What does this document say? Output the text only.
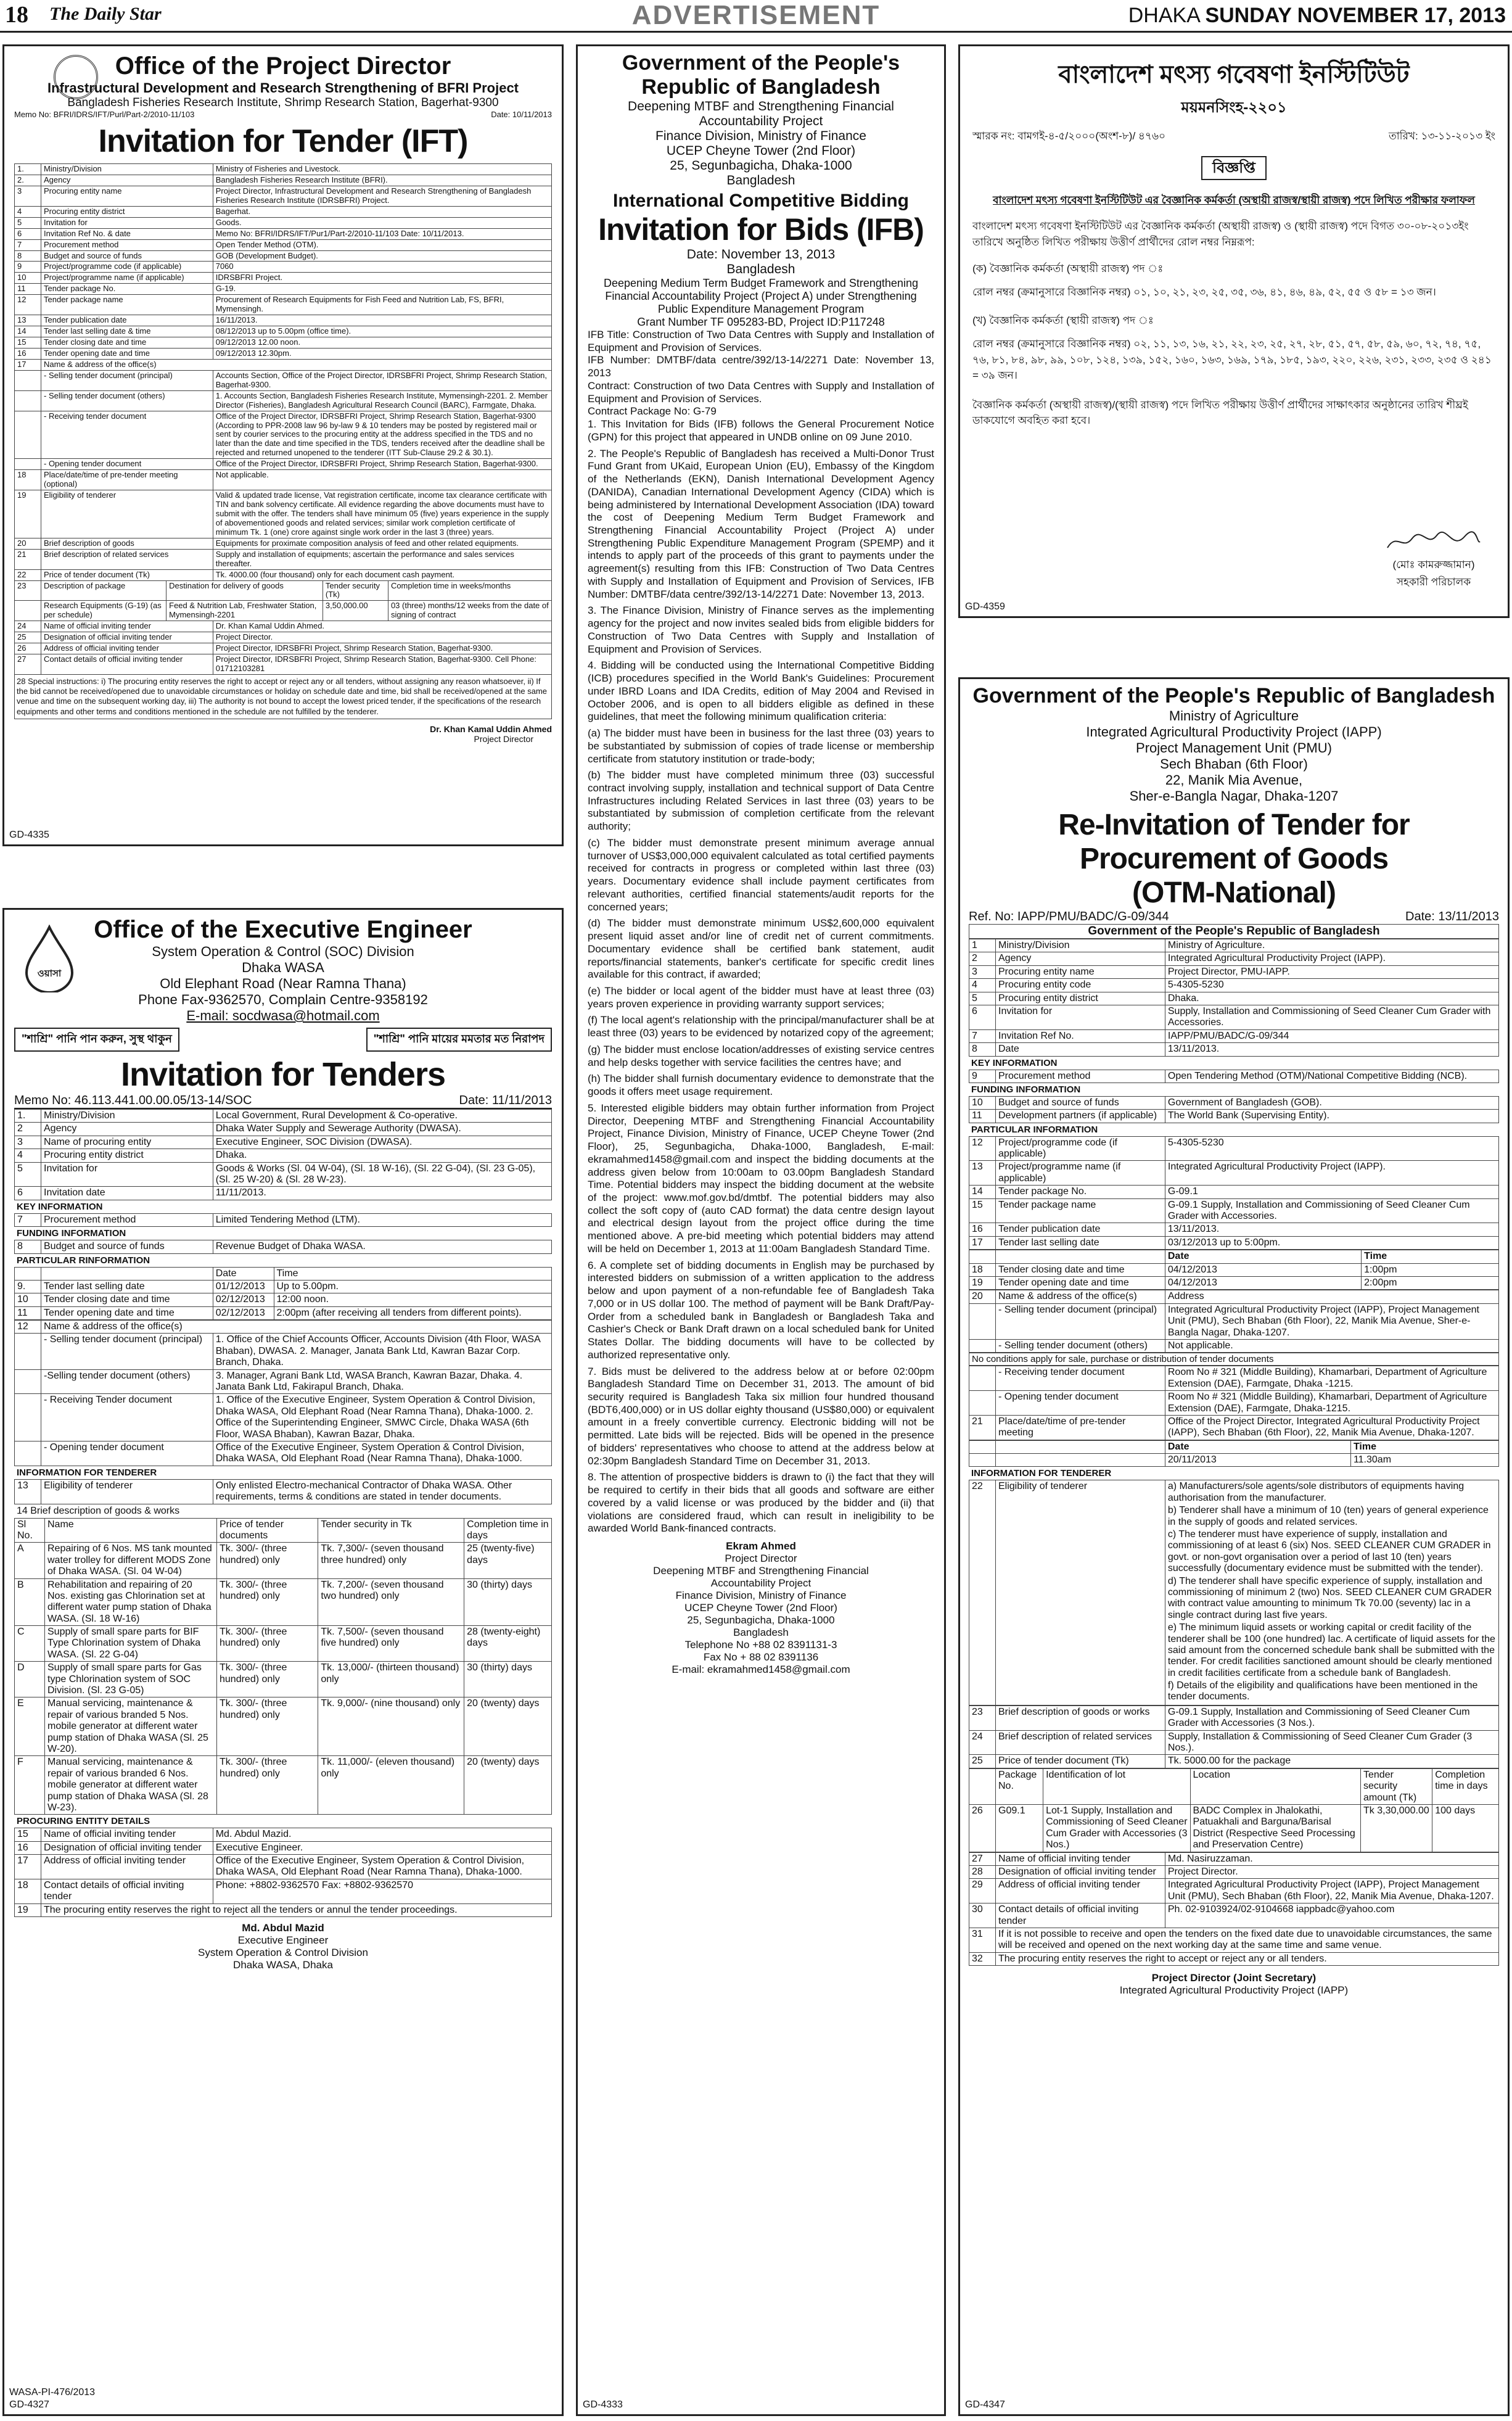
18 The Daily Star	ADVERTISEMENT	DHAKA SUNDAY NOVEMBER 17, 2013
Office of the Project Director
Infrastructural Development and Research Strengthening of BFRI Project
Bangladesh Fisheries Research Institute, Shrimp Research Station, Bagerhat-9300
Memo No: BFRI/IDRS/IFT/Purl/Part-2/2010-11/103	Date: 10/11/2013
Invitation for Tender (IFT)
1.	Ministry/Division	Ministry of Fisheries and Livestock.
2.	Agency	Bangladesh Fisheries Research Institute (BFRI).
3	Procuring entity name	Project Director, Infrastructural Development and Research Strengthening of Bangladesh Fisheries Research Institute (IDRSBFRI) Project.
4	Procuring entity district	Bagerhat.
5	Invitation for	Goods.
6	Invitation Ref No. & date	Memo No: BFRI/IDRS/IFT/Pur1/Part-2/2010-11/103 Date: 10/11/2013.
7	Procurement method	Open Tender Method (OTM).
8	Budget and source of funds	GOB (Development Budget).
9	Project/programme code (if applicable)	7060
10	Project/programme name (if applicable)	IDRSBFRI Project.
11	Tender package No.	G-19.
12	Tender package name	Procurement of Research Equipments for Fish Feed and Nutrition Lab, FS, BFRI, Mymensingh.
13	Tender publication date	16/11/2013.
14	Tender last selling date & time	08/12/2013 up to 5.00pm (office time).
15	Tender closing date and time	09/12/2013 12.00 noon.
16	Tender opening date and time	09/12/2013 12.30pm.
17	Name & address of the office(s)	
	- Selling tender document (principal)	Accounts Section, Office of the Project Director, IDRSBFRI Project, Shrimp Research Station, Bagerhat-9300.
	- Selling tender document (others)	1. Accounts Section, Bangladesh Fisheries Research Institute, Mymensingh-2201. 2. Member Director (Fisheries), Bangladesh Agricultural Research Council (BARC), Farmgate, Dhaka.
	- Receiving tender document	Office of the Project Director, IDRSBFRI Project, Shrimp Research Station, Bagerhat-9300 (According to PPR-2008 law 96 by-law 9 & 10 tenders may be posted by registered mail or sent by courier services to the procuring entity at the address specified in the TDS and no later than the date and time specified in the TDS, tenders received after the deadline shall be rejected and returned unopened to the tenderer (ITT Sub-Clause 29.2 & 30.1).
	- Opening tender document	Office of the Project Director, IDRSBFRI Project, Shrimp Research Station, Bagerhat-9300.
18	Place/date/time of pre-tender meeting (optional)	Not applicable.
19	Eligibility of tenderer	Valid & updated trade license, Vat registration certificate, income tax clearance certificate with TIN and bank solvency certificate. All evidence regarding the above documents must have to submit with the offer. The tenders shall have minimum 05 (five) years experience in the supply of abovementioned goods and related services; similar work completion certificate of minimum Tk. 1 (one) crore against single work order in the last 3 (three) years.
20	Brief description of goods	Equipments for proximate composition analysis of feed and other related equipments.
21	Brief description of related services	Supply and installation of equipments; ascertain the performance and sales services thereafter.
22	Price of tender document (Tk)	Tk. 4000.00 (four thousand) only for each document cash payment.
23	Description of package	Destination for delivery of goods	Tender security (Tk)	Completion time in weeks/months
	Research Equipments (G-19) (as per schedule)	Feed & Nutrition Lab, Freshwater Station, Mymensingh-2201	3,50,000.00	03 (three) months/12 weeks from the date of signing of contract
24	Name of official inviting tender	Dr. Khan Kamal Uddin Ahmed.
25	Designation of official inviting tender	Project Director.
26	Address of official inviting tender	Project Director, IDRSBFRI Project, Shrimp Research Station, Bagerhat-9300.
27	Contact details of official inviting tender	Project Director, IDRSBFRI Project, Shrimp Research Station, Bagerhat-9300. Cell Phone: 01712103281
28 Special instructions: i) The procuring entity reserves the right to accept or reject any or all tenders, without assigning any reason whatsoever, ii) If the bid cannot be received/opened due to unavoidable circumstances or holiday on schedule date and time, bid shall be received/opened at the same venue and time on the subsequent working day, iii) The authority is not bound to accept the lowest priced tender, if the specifications of the research equipments and other terms and conditions mentioned in the schedule are not fulfilled by the tenderer.
Dr. Khan Kamal Uddin Ahmed
Project Director
GD-4335
ওয়াসা
Office of the Executive Engineer
System Operation & Control (SOC) Division
Dhaka WASA
Old Elephant Road (Near Ramna Thana)
Phone Fax-9362570, Complain Centre-9358192
E-mail: socdwasa@hotmail.com
"শাশ্রি" পানি পান করুন, সুস্থ থাকুন	"শাশ্রি" পানি মায়ের মমতার মত নিরাপদ
Invitation for Tenders
Memo No: 46.113.441.00.00.05/13-14/SOC	Date: 11/11/2013
1.	Ministry/Division	Local Government, Rural Development & Co-operative.
2	Agency	Dhaka Water Supply and Sewerage Authority (DWASA).
3	Name of procuring entity	Executive Engineer, SOC Division (DWASA).
4	Procuring entity district	Dhaka.
5	Invitation for	Goods & Works (Sl. 04 W-04), (Sl. 18 W-16), (Sl. 22 G-04), (Sl. 23 G-05), (Sl. 25 W-20) & (Sl. 28 W-23).
6	Invitation date	11/11/2013.
KEY INFORMATION
7	Procurement method	Limited Tendering Method (LTM).
FUNDING INFORMATION
8	Budget and source of funds	Revenue Budget of Dhaka WASA.
PARTICULAR RINFORMATION
		Date	Time
9.	Tender last selling date	01/12/2013	Up to 5.00pm.
10	Tender closing date and time	02/12/2013	12:00 noon.
11	Tender opening date and time	02/12/2013	2:00pm (after receiving all tenders from different points).
12	Name & address of the office(s)	
	- Selling tender document (principal)	1. Office of the Chief Accounts Officer, Accounts Division (4th Floor, WASA Bhaban), DWASA. 2. Manager, Janata Bank Ltd, Kawran Bazar Corp. Branch, Dhaka.
	-Selling tender document (others)	3. Manager, Agrani Bank Ltd, WASA Branch, Kawran Bazar, Dhaka. 4. Janata Bank Ltd, Fakirapul Branch, Dhaka.
	- Receiving Tender document	1. Office of the Executive Engineer, System Operation & Control Division, Dhaka WASA, Old Elephant Road (Near Ramna Thana), Dhaka-1000. 2. Office of the Superintending Engineer, SMWC Circle, Dhaka WASA (6th Floor, WASA Bhaban), Kawran Bazar, Dhaka.
	- Opening tender document	Office of the Executive Engineer, System Operation & Control Division, Dhaka WASA, Old Elephant Road (Near Ramna Thana), Dhaka-1000.
INFORMATION FOR TENDERER
13	Eligibility of tenderer	Only enlisted Electro-mechanical Contractor of Dhaka WASA. Other requirements, terms & conditions are stated in tender documents.
14 Brief description of goods & works
Sl No.	Name	Price of tender documents	Tender security in Tk	Completion time in days
A	Repairing of 6 Nos. MS tank mounted water trolley for different MODS Zone of Dhaka WASA. (Sl. 04 W-04)	Tk. 300/- (three hundred) only	Tk. 7,300/- (seven thousand three hundred) only	25 (twenty-five) days
B	Rehabilitation and repairing of 20 Nos. existing gas Chlorination set at different water pump station of Dhaka WASA. (Sl. 18 W-16)	Tk. 300/- (three hundred) only	Tk. 7,200/- (seven thousand two hundred) only	30 (thirty) days
C	Supply of small spare parts for BIF Type Chlorination system of Dhaka WASA. (Sl. 22 G-04)	Tk. 300/- (three hundred) only	Tk. 7,500/- (seven thousand five hundred) only	28 (twenty-eight) days
D	Supply of small spare parts for Gas type Chlorination system of SOC Division. (Sl. 23 G-05)	Tk. 300/- (three hundred) only	Tk. 13,000/- (thirteen thousand) only	30 (thirty) days
E	Manual servicing, maintenance & repair of various branded 5 Nos. mobile generator at different water pump station of Dhaka WASA (Sl. 25 W-20).	Tk. 300/- (three hundred) only	Tk. 9,000/- (nine thousand) only	20 (twenty) days
F	Manual servicing, maintenance & repair of various branded 6 Nos. mobile generator at different water pump station of Dhaka WASA (Sl. 28 W-23).	Tk. 300/- (three hundred) only	Tk. 11,000/- (eleven thousand) only	20 (twenty) days
PROCURING ENTITY DETAILS
15	Name of official inviting tender	Md. Abdul Mazid.
16	Designation of official inviting tender	Executive Engineer.
17	Address of official inviting tender	Office of the Executive Engineer, System Operation & Control Division, Dhaka WASA, Old Elephant Road (Near Ramna Thana), Dhaka-1000.
18	Contact details of official inviting tender	Phone: +8802-9362570 Fax: +8802-9362570
19	The procuring entity reserves the right to reject all the tenders or annul the tender proceedings.	
Md. Abdul Mazid
Executive Engineer
System Operation & Control Division
Dhaka WASA, Dhaka
WASA-PI-476/2013
GD-4327
Government of the People's
Republic of Bangladesh
Deepening MTBF and Strengthening Financial
Accountability Project
Finance Division, Ministry of Finance
UCEP Cheyne Tower (2nd Floor)
25, Segunbagicha, Dhaka-1000
Bangladesh
International Competitive Bidding
Invitation for Bids (IFB)
Date: November 13, 2013
Bangladesh
Deepening Medium Term Budget Framework and Strengthening
Financial Accountability Project (Project A) under Strengthening
Public Expenditure Management Program
Grant Number TF 095283-BD, Project ID:P117248
IFB Title: Construction of Two Data Centres with Supply and Installation of Equipment and Provision of Services.
IFB Number: DMTBF/data centre/392/13-14/2271 Date: November 13, 2013
Contract: Construction of two Data Centres with Supply and Installation of Equipment and Provision of Services.
Contract Package No: G-79
1. This Invitation for Bids (IFB) follows the General Procurement Notice (GPN) for this project that appeared in UNDB online on 09 June 2010.
2. The People's Republic of Bangladesh has received a Multi-Donor Trust Fund Grant from UKaid, European Union (EU), Embassy of the Kingdom of the Netherlands (EKN), Danish International Development Agency (DANIDA), Canadian International Development Agency (CIDA) which is being administered by International Development Association (IDA) toward the cost of Deepening Medium Term Budget Framework and Strengthening Financial Accountability Project (Project A) under Strengthening Public Expenditure Management Program (SPEMP) and it intends to apply part of the proceeds of this grant to payments under the agreement(s) resulting from this IFB: Construction of Two Data Centres with Supply and Installation of Equipment and Provision of Services, IFB Number: DMTBF/data centre/392/13-14/2271 Date: November 13, 2013.
3. The Finance Division, Ministry of Finance serves as the implementing agency for the project and now invites sealed bids from eligible bidders for Construction of Two Data Centres with Supply and Installation of Equipment and Provision of Services.
4. Bidding will be conducted using the International Competitive Bidding (ICB) procedures specified in the World Bank's Guidelines: Procurement under IBRD Loans and IDA Credits, edition of May 2004 and Revised in October 2006, and is open to all bidders eligible as defined in these guidelines, that meet the following minimum qualification criteria:
(a) The bidder must have been in business for the last three (03) years to be substantiated by submission of copies of trade license or membership certificate from statutory institution or trade-body;
(b) The bidder must have completed minimum three (03) successful contract involving supply, installation and technical support of Data Centre Infrastructures including Related Services in last three (03) years to be substantiated by submission of completion certificate from the relevant authority;
(c) The bidder must demonstrate present minimum average annual turnover of US$3,000,000 equivalent calculated as total certified payments received for contracts in progress or completed within last three (03) years. Documentary evidence shall include payment certificates from relevant authorities, certified financial statements/audit reports for the concerned years;
(d) The bidder must demonstrate minimum US$2,600,000 equivalent present liquid asset and/or line of credit net of current commitments. Documentary evidence shall be certified bank statement, audit reports/financial statements, banker's certificate for specific credit lines available for this contract, if awarded;
(e) The bidder or local agent of the bidder must have at least three (03) years proven experience in providing warranty support services;
(f) The local agent's relationship with the principal/manufacturer shall be at least three (03) years to be evidenced by notarized copy of the agreement;
(g) The bidder must enclose location/addresses of existing service centres and help desks together with service facilities the centres have; and
(h) The bidder shall furnish documentary evidence to demonstrate that the goods it offers meet usage requirement.
5. Interested eligible bidders may obtain further information from Project Director, Deepening MTBF and Strengthening Financial Accountability Project, Finance Division, Ministry of Finance, UCEP Cheyne Tower (2nd Floor), 25, Segunbagicha, Dhaka-1000, Bangladesh, E-mail: ekramahmed1458@gmail.com and inspect the bidding documents at the address given below from 10:00am to 03.00pm Bangladesh Standard Time. Potential bidders may inspect the bidding document at the website of the project: www.mof.gov.bd/dmtbf. The potential bidders may also collect the soft copy of (auto CAD format) the data centre design layout and electrical design layout from the project office during the time mentioned above. A pre-bid meeting which potential bidders may attend will be held on December 1, 2013 at 11:00am Bangladesh Standard Time.
6. A complete set of bidding documents in English may be purchased by interested bidders on submission of a written application to the address below and upon payment of a non-refundable fee of Bangladesh Taka 7,000 or in US dollar 100. The method of payment will be Bank Draft/Pay-Order from a scheduled bank in Bangladesh or Bangladesh Taka and Cashier's Check or Bank Draft drawn on a local scheduled bank for United States Dollar. The bidding documents will have to be collected by authorized representative only.
7. Bids must be delivered to the address below at or before 02:00pm Bangladesh Standard Time on December 31, 2013. The amount of bid security required is Bangladesh Taka six million four hundred thousand (BDT6,400,000) or in US dollar eighty thousand (US$80,000) or equivalent amount in a freely convertible currency. Electronic bidding will not be permitted. Late bids will be rejected. Bids will be opened in the presence of bidders' representatives who choose to attend at the address below at 02:30pm Bangladesh Standard Time on December 31, 2013.
8. The attention of prospective bidders is drawn to (i) the fact that they will be required to certify in their bids that all goods and software are either covered by a valid license or was produced by the bidder and (ii) that violations are considered fraud, which can result in ineligibility to be awarded World Bank-financed contracts.
Ekram Ahmed
Project Director
Deepening MTBF and Strengthening Financial
Accountability Project
Finance Division, Ministry of Finance
UCEP Cheyne Tower (2nd Floor)
25, Segunbagicha, Dhaka-1000
Bangladesh
Telephone No +88 02 8391131-3
Fax No + 88 02 8391136
E-mail: ekramahmed1458@gmail.com
GD-4333
বাংলাদেশ মৎস্য গবেষণা ইনস্টিটিউট
ময়মনসিংহ-২২০১
স্মারক নং: বামগই-৪-৫/২০০০(অংশ-৮)/ ৪৭৬০	তারিখ: ১৩-১১-২০১৩ ইং
বিজ্ঞপ্তি
বাংলাদেশ মৎস্য গবেষণা ইনস্টিটিউট এর বৈজ্ঞানিক কর্মকর্তা (অস্থায়ী রাজস্ব/স্থায়ী রাজস্ব) পদে লিখিত পরীক্ষার ফলাফল
বাংলাদেশ মৎস্য গবেষণা ইনস্টিটিউট এর বৈজ্ঞানিক কর্মকর্তা (অস্থায়ী রাজস্ব) ও (স্থায়ী রাজস্ব) পদে বিগত ৩০-০৮-২০১৩ইং তারিখে অনুষ্ঠিত লিখিত পরীক্ষায় উত্তীর্ণ প্রার্থীদের রোল নম্বর নিম্নরূপ:
(ক) বৈজ্ঞানিক কর্মকর্তা (অস্থায়ী রাজস্ব) পদ ঃ
রোল নম্বর (ক্রমানুসারে বিজ্ঞানিক নম্বর) ০১, ১০, ২১, ২৩, ২৫, ৩৫, ৩৬, ৪১, ৪৬, ৪৯, ৫২, ৫৫ ও ৫৮ = ১৩ জন।
(খ) বৈজ্ঞানিক কর্মকর্তা (স্থায়ী রাজস্ব) পদ ঃ
রোল নম্বর (ক্রমানুসারে বিজ্ঞানিক নম্বর) ০২, ১১, ১৩, ১৬, ২১, ২২, ২৩, ২৫, ২৭, ২৮, ৫১, ৫৭, ৫৮, ৫৯, ৬০, ৭২, ৭৪, ৭৫, ৭৬, ৮১, ৮৪, ৯৮, ৯৯, ১০৮, ১২৪, ১৩৯, ১৫২, ১৬০, ১৬৩, ১৬৯, ১৭৯, ১৮৫, ১৯৩, ২২০, ২২৬, ২৩১, ২৩৩, ২৩৫ ও ২৪১ = ৩৯ জন।
বৈজ্ঞানিক কর্মকর্তা (অস্থায়ী রাজস্ব)/(স্থায়ী রাজস্ব) পদে লিখিত পরীক্ষায় উত্তীর্ণ প্রার্থীদের সাক্ষাৎকার অনুষ্ঠানের তারিখ শীঘ্রই ডাকযোগে অবহিত করা হবে।
(মোঃ কামরুজ্জামান)
সহকারী পরিচালক
GD-4359
Government of the People's Republic of Bangladesh
Ministry of Agriculture
Integrated Agricultural Productivity Project (IAPP)
Project Management Unit (PMU)
Sech Bhaban (6th Floor)
22, Manik Mia Avenue,
Sher-e-Bangla Nagar, Dhaka-1207
Re-Invitation of Tender for
Procurement of Goods
(OTM-National)
Ref. No: IAPP/PMU/BADC/G-09/344	Date: 13/11/2013
Government of the People's Republic of Bangladesh
1	Ministry/Division	Ministry of Agriculture.
2	Agency	Integrated Agricultural Productivity Project (IAPP).
3	Procuring entity name	Project Director, PMU-IAPP.
4	Procuring entity code	5-4305-5230
5	Procuring entity district	Dhaka.
6	Invitation for	Supply, Installation and Commissioning of Seed Cleaner Cum Grader with Accessories.
7	Invitation Ref No.	IAPP/PMU/BADC/G-09/344
8	Date	13/11/2013.
KEY INFORMATION
9	Procurement method	Open Tendering Method (OTM)/National Competitive Bidding (NCB).
FUNDING INFORMATION
10	Budget and source of funds	Government of Bangladesh (GOB).
11	Development partners (if applicable)	The World Bank (Supervising Entity).
PARTICULAR INFORMATION
12	Project/programme code (if applicable)	5-4305-5230
13	Project/programme name (if applicable)	Integrated Agricultural Productivity Project (IAPP).
14	Tender package No.	G-09.1
15	Tender package name	G-09.1 Supply, Installation and Commissioning of Seed Cleaner Cum Grader with Accessories.
16	Tender publication date	13/11/2013.
17	Tender last selling date	03/12/2013 up to 5:00pm.
		Date	Time
18	Tender closing date and time	04/12/2013	1:00pm
19	Tender opening date and time	04/12/2013	2:00pm
20	Name & address of the office(s)	Address
	- Selling tender document (principal)	Integrated Agricultural Productivity Project (IAPP), Project Management Unit (PMU), Sech Bhaban (6th Floor), 22, Manik Mia Avenue, Sher-e-Bangla Nagar, Dhaka-1207.
	- Selling tender document (others)	Not applicable.
No conditions apply for sale, purchase or distribution of tender documents
	- Receiving tender document	Room No # 321 (Middle Building), Khamarbari, Department of Agriculture Extension (DAE), Farmgate, Dhaka -1215.
	- Opening tender document	Room No # 321 (Middle Building), Khamarbari, Department of Agriculture Extension (DAE), Farmgate, Dhaka-1215.
21	Place/date/time of pre-tender meeting	Office of the Project Director, Integrated Agricultural Productivity Project (IAPP), Sech Bhaban (6th Floor), 22, Manik Mia Avenue, Dhaka-1207.
		Date	Time
		20/11/2013	11.30am
INFORMATION FOR TENDERER
22	Eligibility of tenderer	a) Manufacturers/sole agents/sole distributors of equipments having authorisation from the manufacturer.
b) Tenderer shall have a minimum of 10 (ten) years of general experience in the supply of goods and related services.
c) The tenderer must have experience of supply, installation and commissioning of at least 6 (six) Nos. SEED CLEANER CUM GRADER in govt. or non-govt organisation over a period of last 10 (ten) years successfully (documentary evidence must be submitted with the tender).
d) The tenderer shall have specific experience of supply, installation and commissioning of minimum 2 (two) Nos. SEED CLEANER CUM GRADER with contract value amounting to minimum Tk 70.00 (seventy) lac in a single contract during last five years.
e) The minimum liquid assets or working capital or credit facility of the tenderer shall be 100 (one hundred) lac. A certificate of liquid assets for the said amount from the concerned schedule bank shall be submitted with the tender. For credit facilities sanctioned amount should be clearly mentioned in credit facilities certificate from a schedule bank of Bangladesh.
f) Details of the eligibility and qualifications have been mentioned in the tender documents.
23	Brief description of goods or works	G-09.1 Supply, Installation and Commissioning of Seed Cleaner Cum Grader with Accessories (3 Nos.).
24	Brief description of related services	Supply, Installation & Commissioning of Seed Cleaner Cum Grader (3 Nos.).
25	Price of tender document (Tk)	Tk. 5000.00 for the package
	Package No.	Identification of lot	Location	Tender security amount (Tk)	Completion time in days
26	G09.1	Lot-1 Supply, Installation and Commissioning of Seed Cleaner Cum Grader with Accessories (3 Nos.)	BADC Complex in Jhalokathi, Patuakhali and Barguna/Barisal District (Respective Seed Processing and Preservation Centre)	Tk 3,30,000.00	100 days
27	Name of official inviting tender	Md. Nasiruzzaman.
28	Designation of official inviting tender	Project Director.
29	Address of official inviting tender	Integrated Agricultural Productivity Project (IAPP), Project Management Unit (PMU), Sech Bhaban (6th Floor), 22, Manik Mia Avenue, Dhaka-1207.
30	Contact details of official inviting tender	Ph. 02-9103924/02-9104668 iappbadc@yahoo.com
31	If it is not possible to receive and open the tenders on the fixed date due to unavoidable circumstances, the same will be received and opened on the next working day at the same time and same venue.	
32	The procuring entity reserves the right to accept or reject any or all tenders.	
Project Director (Joint Secretary)
Integrated Agricultural Productivity Project (IAPP)
GD-4347
